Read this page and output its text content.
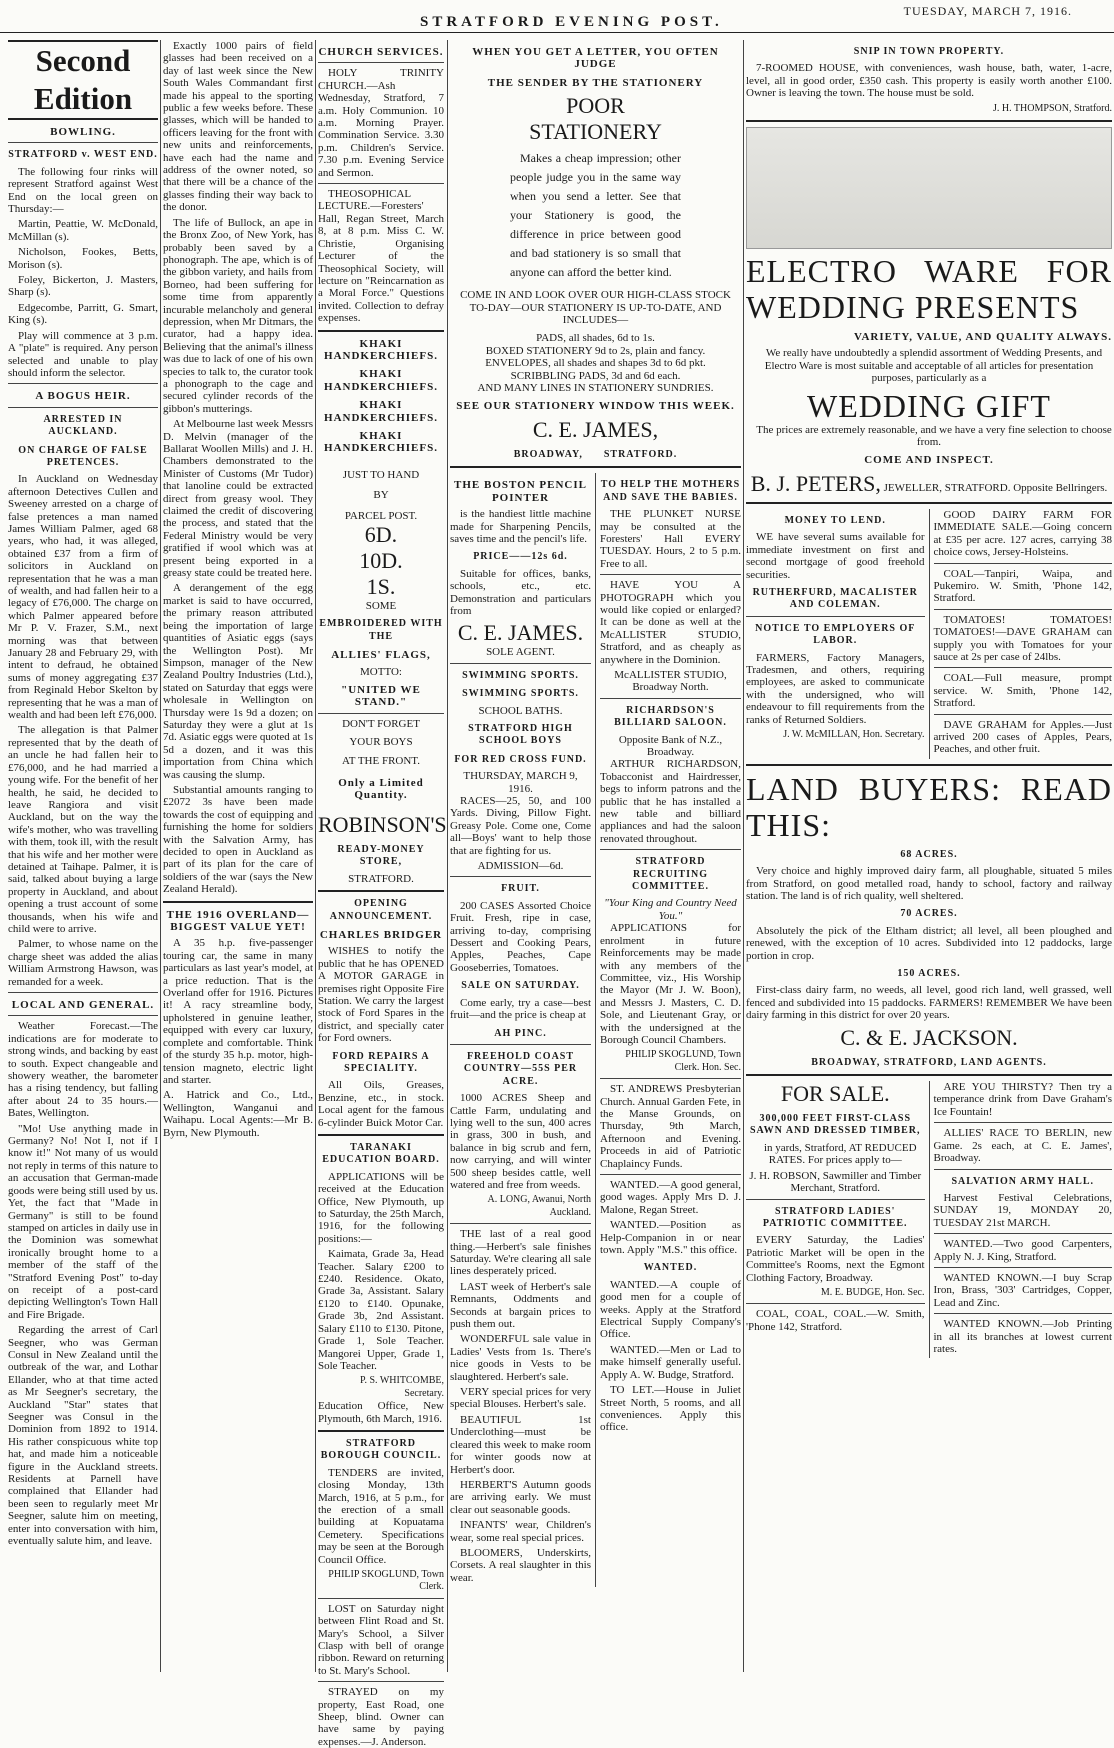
STRATFORD EVENING POST.
TUESDAY, MARCH 7, 1916.
Second Edition
BOWLING.
STRATFORD v. WEST END.

The following four rinks will represent Stratford against West End on the local green on Thursday:—

Martin, Peattie, W. McDonald, McMillan (s).

Nicholson, Fookes, Betts, Morison (s).

Foley, Bickerton, J. Masters, Sharp (s).

Edgecombe, Parritt, G. Smart, King (s).

Play will commence at 3 p.m. A "plate" is required. Any person selected and unable to play should inform the selector.

A BOGUS HEIR.
ARRESTED IN AUCKLAND.
ON CHARGE OF FALSE PRETENCES.

In Auckland on Wednesday afternoon Detectives Cullen and Sweeney arrested on a charge of false pretences a man named James William Palmer, aged 68 years, who had, it was alleged, obtained £37 from a firm of solicitors in Auckland on representation that he was a man of wealth, and had fallen heir to a legacy of £76,000. The charge on which Palmer appeared before Mr P. V. Frazer, S.M., next morning was that between January 28 and February 29, with intent to defraud, he obtained sums of money aggregating £37 from Reginald Hebor Skelton by representing that he was a man of wealth and had been left £76,000.

The allegation is that Palmer represented that by the death of an uncle he had fallen heir to £76,000, and he had married a young wife. For the benefit of her health, he said, he decided to leave Rangiora and visit Auckland, but on the way the wife's mother, who was travelling with them, took ill, with the result that his wife and her mother were detained at Taihape. Palmer, it is said, talked about buying a large property in Auckland, and about opening a trust account of some thousands, when his wife and child were to arrive.

Palmer, to whose name on the charge sheet was added the alias William Armstrong Hawson, was remanded for a week.

LOCAL AND GENERAL.

Weather Forecast.—The indications are for moderate to strong winds, and backing by east to south. Expect changeable and showery weather, the barometer has a rising tendency, but falling after about 24 to 35 hours.—Bates, Wellington.

"Mo! Use anything made in Germany? No! Not I, not if I know it!" Not many of us would not reply in terms of this nature to an accusation that German-made goods were being still used by us. Yet, the fact that "Made in Germany" is still to be found stamped on articles in daily use in the Dominion was somewhat ironically brought home to a member of the staff of the "Stratford Evening Post" to-day on receipt of a post-card depicting Wellington's Town Hall and Fire Brigade.

Regarding the arrest of Carl Seegner, who was German Consul in New Zealand until the outbreak of the war, and Lothar Ellander, who at that time acted as Mr Seegner's secretary, the Auckland "Star" states that Seegner was Consul in the Dominion from 1892 to 1914. His rather conspicuous white top hat, and made him a noticeable figure in the Auckland streets. Residents at Parnell have complained that Ellander had been seen to regularly meet Mr Seegner, salute him on meeting, enter into conversation with him, eventually salute him, and leave.

Exactly 1000 pairs of field glasses had been received on a day of last week since the New South Wales Commandant first made his appeal to the sporting public a few weeks before. These glasses, which will be handed to officers leaving for the front with new units and reinforcements, have each had the name and address of the owner noted, so that there will be a chance of the glasses finding their way back to the donor.

The life of Bullock, an ape in the Bronx Zoo, of New York, has probably been saved by a phonograph. The ape, which is of the gibbon variety, and hails from Borneo, had been suffering for some time from apparently incurable melancholy and general depression, when Mr Ditmars, the curator, had a happy idea. Believing that the animal's illness was due to lack of one of his own species to talk to, the curator took a phonograph to the cage and secured cylinder records of the gibbon's mutterings.

At Melbourne last week Messrs D. Melvin (manager of the Ballarat Woollen Mills) and J. H. Chambers demonstrated to the Minister of Customs (Mr Tudor) that lanoline could be extracted direct from greasy wool. They claimed the credit of discovering the process, and stated that the Federal Ministry would be very gratified if wool which was at present being exported in a greasy state could be treated here.

A derangement of the egg market is said to have occurred, the primary reason attributed being the importation of large quantities of Asiatic eggs (says the Wellington Post). Mr Simpson, manager of the New Zealand Poultry Industries (Ltd.), stated on Saturday that eggs were wholesale in Wellington on Thursday were 1s 9d a dozen; on Saturday they were a glut at 1s 7d. Asiatic eggs were quoted at 1s 5d a dozen, and it was this importation from China which was causing the slump.

Substantial amounts ranging to £2072 3s have been made towards the cost of equipping and furnishing the home for soldiers with the Salvation Army, has decided to open in Auckland as part of its plan for the care of soldiers of the war (says the New Zealand Herald).

THE 1916 OVERLAND—BIGGEST VALUE YET!

A 35 h.p. five-passenger touring car, the same in many particulars as last year's model, at a price reduction. That is the Overland offer for 1916. Pictures it! A racy streamline body, upholstered in genuine leather, equipped with every car luxury, complete and comfortable. Think of the sturdy 35 h.p. motor, high-tension magneto, electric light and starter.

A. Hatrick and Co., Ltd., Wellington, Wanganui and Waihapu. Local Agents:—Mr B. Byrn, New Plymouth.

CHURCH SERVICES.

HOLY TRINITY CHURCH.—Ash Wednesday, Stratford, 7 a.m. Holy Communion. 10 a.m. Morning Prayer. Commination Service. 3.30 p.m. Children's Service. 7.30 p.m. Evening Service and Sermon.

THEOSOPHICAL LECTURE.—Foresters' Hall, Regan Street, March 8, at 8 p.m. Miss C. W. Christie, Organising Lecturer of the Theosophical Society, will lecture on "Reincarnation as a Moral Force." Questions invited. Collection to defray expenses.

KHAKI HANDKERCHIEFS.
KHAKI HANDKERCHIEFS.
KHAKI HANDKERCHIEFS.
KHAKI HANDKERCHIEFS.
JUST TO HAND
BY
PARCEL POST.
6D.
10D.
1S.
SOME
EMBROIDERED WITH THE
ALLIES' FLAGS,
MOTTO:
"UNITED WE STAND."
DON'T FORGET
YOUR BOYS
AT THE FRONT.
Only a Limited Quantity.
ROBINSON'S
READY-MONEY STORE,
STRATFORD.
OPENING ANNOUNCEMENT.
CHARLES BRIDGER

WISHES to notify the public that he has OPENED A MOTOR GARAGE in premises right Opposite Fire Station. We carry the largest stock of Ford Spares in the district, and specially cater for Ford owners.

FORD REPAIRS A SPECIALITY.

All Oils, Greases, Benzine, etc., in stock. Local agent for the famous 6-cylinder Buick Motor Car.

TARANAKI EDUCATION BOARD.

APPLICATIONS will be received at the Education Office, New Plymouth, up to Saturday, the 25th March, 1916, for the following positions:—

Kaimata, Grade 3a, Head Teacher. Salary £200 to £240. Residence. Okato, Grade 3a, Assistant. Salary £120 to £140. Opunake, Grade 3b, 2nd Assistant. Salary £110 to £130. Pitone, Grade 1, Sole Teacher. Mangorei Upper, Grade 1, Sole Teacher.

P. S. WHITCOMBE, Secretary.

Education Office, New Plymouth, 6th March, 1916.

STRATFORD BOROUGH COUNCIL.

TENDERS are invited, closing Monday, 13th March, 1916, at 5 p.m., for the erection of a small building at Kopuatama Cemetery. Specifications may be seen at the Borough Council Office.

PHILIP SKOGLUND, Town Clerk.

LOST on Saturday night between Flint Road and St. Mary's School, a Silver Clasp with bell of orange ribbon. Reward on returning to St. Mary's School.

STRAYED on my property, East Road, one Sheep, blind. Owner can have same by paying expenses.—J. Anderson.

WHEN YOU GET A LETTER, YOU OFTEN JUDGE
THE SENDER BY THE STATIONERY
POOR
STATIONERY

Makes a cheap impression; other people judge you in the same way when you send a letter. See that your Stationery is good, the difference in price between good and bad stationery is so small that anyone can afford the better kind.

COME IN AND LOOK OVER OUR HIGH-CLASS STOCK TO-DAY—OUR STATIONERY IS UP-TO-DATE, AND INCLUDES—
PADS, all shades, 6d to 1s.
BOXED STATIONERY 9d to 2s, plain and fancy.
ENVELOPES, all shades and shapes 3d to 6d pkt.
SCRIBBLING PADS, 3d and 6d each.
AND MANY LINES IN STATIONERY SUNDRIES.
SEE OUR STATIONERY WINDOW THIS WEEK.
C. E. JAMES,
BROADWAY, STRATFORD.
THE BOSTON PENCIL POINTER

is the handiest little machine made for Sharpening Pencils, saves time and the pencil's life.

PRICE——12s 6d.

Suitable for offices, banks, schools, etc., etc. Demonstration and particulars from

C. E. JAMES.
SOLE AGENT.
SWIMMING SPORTS.
SWIMMING SPORTS.
SCHOOL BATHS.
STRATFORD HIGH SCHOOL BOYS
FOR RED CROSS FUND.
THURSDAY, MARCH 9, 1916.

RACES—25, 50, and 100 Yards. Diving, Pillow Fight. Greasy Pole. Come one, Come all—Boys' want to help those that are fighting for us.

ADMISSION—6d.
FRUIT.

200 CASES Assorted Choice Fruit. Fresh, ripe in case, arriving to-day, comprising Dessert and Cooking Pears, Apples, Peaches, Cape Gooseberries, Tomatoes.

SALE ON SATURDAY.

Come early, try a case—best fruit—and the price is cheap at

AH PINC.
FREEHOLD COAST COUNTRY—55S PER ACRE.

1000 ACRES Sheep and Cattle Farm, undulating and lying well to the sun, 400 acres in grass, 300 in bush, and balance in big scrub and fern, now carrying, and will winter 500 sheep besides cattle, well watered and free from weeds.

A. LONG, Awanui, North Auckland.

THE last of a real good thing.—Herbert's sale finishes Saturday. We're clearing all sale lines desperately priced.

LAST week of Herbert's sale Remnants, Oddments and Seconds at bargain prices to push them out.

WONDERFUL sale value in Ladies' Vests from 1s. There's nice goods in Vests to be slaughtered. Herbert's sale.

VERY special prices for very special Blouses. Herbert's sale.

BEAUTIFUL 1st Underclothing—must be cleared this week to make room for winter goods now at Herbert's door.

HERBERT'S Autumn goods are arriving early. We must clear out seasonable goods.

INFANTS' wear, Children's wear, some real special prices.

BLOOMERS, Underskirts, Corsets. A real slaughter in this wear.

TO HELP THE MOTHERS AND SAVE THE BABIES.

THE PLUNKET NURSE may be consulted at the Foresters' Hall EVERY TUESDAY. Hours, 2 to 5 p.m. Free to all.

HAVE YOU A PHOTOGRAPH which you would like copied or enlarged? It can be done as well at the McALLISTER STUDIO, Stratford, and as cheaply as anywhere in the Dominion.

McALLISTER STUDIO, Broadway North.
RICHARDSON'S BILLIARD SALOON.
Opposite Bank of N.Z., Broadway.

ARTHUR RICHARDSON, Tobacconist and Hairdresser, begs to inform patrons and the public that he has installed a new table and billiard appliances and had the saloon renovated throughout.

STRATFORD RECRUITING COMMITTEE.
"Your King and Country Need You."

APPLICATIONS for enrolment in future Reinforcements may be made with any members of the Committee, viz., His Worship the Mayor (Mr J. W. Boon), and Messrs J. Masters, C. D. Sole, and Lieutenant Gray, or with the undersigned at the Borough Council Chambers.

PHILIP SKOGLUND, Town Clerk. Hon. Sec.

ST. ANDREWS Presbyterian Church. Annual Garden Fete, in the Manse Grounds, on Thursday, 9th March, Afternoon and Evening. Proceeds in aid of Patriotic Chaplaincy Funds.

WANTED.—A good general, good wages. Apply Mrs D. J. Malone, Regan Street.

WANTED.—Position as Help-Companion in or near town. Apply "M.S." this office.

WANTED.

WANTED.—A couple of good men for a couple of weeks. Apply at the Stratford Electrical Supply Company's Office.

WANTED.—Men or Lad to make himself generally useful. Apply A. W. Budge, Stratford.

TO LET.—House in Juliet Street North, 5 rooms, and all conveniences. Apply this office.

SNIP IN TOWN PROPERTY.

7-ROOMED HOUSE, with conveniences, wash house, bath, water, 1-acre, level, all in good order, £350 cash. This property is easily worth another £100. Owner is leaving the town. The house must be sold.

J. H. THOMPSON, Stratford.
ELECTRO WARE FOR WEDDING PRESENTS
VARIETY, VALUE, AND QUALITY ALWAYS.

We really have undoubtedly a splendid assortment of Wedding Presents, and Electro Ware is most suitable and acceptable of all articles for presentation purposes, particularly as a

WEDDING GIFT

The prices are extremely reasonable, and we have a very fine selection to choose from.

COME AND INSPECT.
B. J. PETERS, JEWELLER, STRATFORD. Opposite Bellringers.
MONEY TO LEND.

WE have several sums available for immediate investment on first and second mortgage of good freehold securities.

RUTHERFURD, MACALISTER AND COLEMAN.
NOTICE TO EMPLOYERS OF LABOR.

FARMERS, Factory Managers, Tradesmen, and others, requiring employees, are asked to communicate with the undersigned, who will endeavour to fill requirements from the ranks of Returned Soldiers.

J. W. McMILLAN, Hon. Secretary.

GOOD DAIRY FARM FOR IMMEDIATE SALE.—Going concern at £35 per acre. 127 acres, carrying 38 choice cows, Jersey-Holsteins.

COAL—Tanpiri, Waipa, and Pukemiro. W. Smith, 'Phone 142, Stratford.

TOMATOES! TOMATOES! TOMATOES!—DAVE GRAHAM can supply you with Tomatoes for your sauce at 2s per case of 24lbs.

COAL—Full measure, prompt service. W. Smith, 'Phone 142, Stratford.

DAVE GRAHAM for Apples.—Just arrived 200 cases of Apples, Pears, Peaches, and other fruit.

LAND BUYERS: READ THIS:
68 ACRES.

Very choice and highly improved dairy farm, all ploughable, situated 5 miles from Stratford, on good metalled road, handy to school, factory and railway station. The land is of rich quality, well sheltered.

70 ACRES.

Absolutely the pick of the Eltham district; all level, all been ploughed and renewed, with the exception of 10 acres. Subdivided into 12 paddocks, large portion in crop.

150 ACRES.

First-class dairy farm, no weeds, all level, good rich land, well grassed, well fenced and subdivided into 15 paddocks. FARMERS! REMEMBER We have been dairy farming in this district for over 20 years.

C. & E. JACKSON.
BROADWAY, STRATFORD, LAND AGENTS.
FOR SALE.
300,000 FEET FIRST-CLASS SAWN AND DRESSED TIMBER,

in yards, Stratford, AT REDUCED RATES. For prices apply to—

J. H. ROBSON, Sawmiller and Timber Merchant, Stratford.
STRATFORD LADIES' PATRIOTIC COMMITTEE.

EVERY Saturday, the Ladies' Patriotic Market will be open in the Committee's Rooms, next the Egmont Clothing Factory, Broadway.

M. E. BUDGE, Hon. Sec.

COAL, COAL, COAL.—W. Smith, 'Phone 142, Stratford.

ARE YOU THIRSTY? Then try a temperance drink from Dave Graham's Ice Fountain!

ALLIES' RACE TO BERLIN, new Game. 2s each, at C. E. James', Broadway.

SALVATION ARMY HALL.

Harvest Festival Celebrations, SUNDAY 19, MONDAY 20, TUESDAY 21st MARCH.

WANTED.—Two good Carpenters, Apply N. J. King, Stratford.

WANTED KNOWN.—I buy Scrap Iron, Brass, '303' Cartridges, Copper, Lead and Zinc.

WANTED KNOWN.—Job Printing in all its branches at lowest current rates.
